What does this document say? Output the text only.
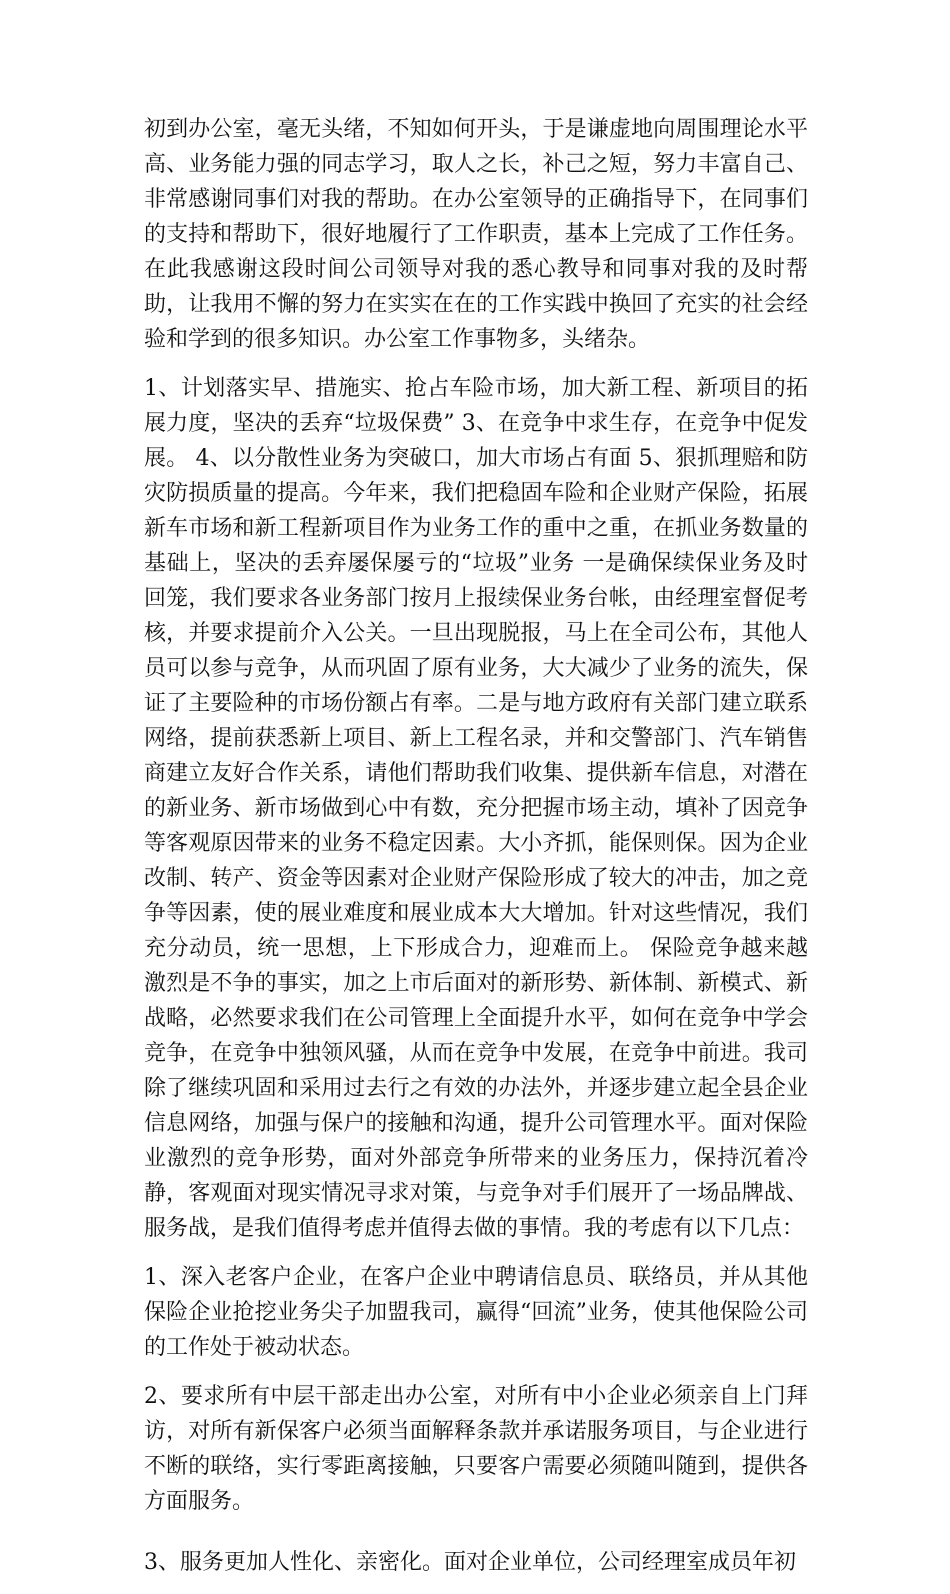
初到办公室，毫无头绪，不知如何开头，于是谦虚地向周围理论水平高、业务能力强的同志学习，取人之长，补己之短，努力丰富自己、非常感谢同事们对我的帮助。在办公室领导的正确指导下，在同事们的支持和帮助下，很好地履行了工作职责，基本上完成了工作任务。在此我感谢这段时间公司领导对我的悉心教导和同事对我的及时帮助，让我用不懈的努力在实实在在的工作实践中换回了充实的社会经验和学到的很多知识。办公室工作事物多，头绪杂。

1、计划落实早、措施实、抢占车险市场，加大新工程、新项目的拓展力度，坚决的丢弃“垃圾保费” 3、在竞争中求生存，在竞争中促发展。 4、以分散性业务为突破口，加大市场占有面 5、狠抓理赔和防灾防损质量的提高。今年来，我们把稳固车险和企业财产保险，拓展新车市场和新工程新项目作为业务工作的重中之重，在抓业务数量的基础上，坚决的丢弃屡保屡亏的“垃圾”业务 一是确保续保业务及时回笼，我们要求各业务部门按月上报续保业务台帐，由经理室督促考核，并要求提前介入公关。一旦出现脱报，马上在全司公布，其他人员可以参与竞争，从而巩固了原有业务，大大减少了业务的流失，保证了主要险种的市场份额占有率。二是与地方政府有关部门建立联系网络，提前获悉新上项目、新上工程名录，并和交警部门、汽车销售商建立友好合作关系，请他们帮助我们收集、提供新车信息，对潜在的新业务、新市场做到心中有数，充分把握市场主动，填补了因竞争等客观原因带来的业务不稳定因素。大小齐抓，能保则保。因为企业改制、转产、资金等因素对企业财产保险形成了较大的冲击，加之竞争等因素，使的展业难度和展业成本大大增加。针对这些情况，我们充分动员，统一思想，上下形成合力，迎难而上。 保险竞争越来越激烈是不争的事实，加之上市后面对的新形势、新体制、新模式、新战略，必然要求我们在公司管理上全面提升水平，如何在竞争中学会竞争，在竞争中独领风骚，从而在竞争中发展，在竞争中前进。我司除了继续巩固和采用过去行之有效的办法外，并逐步建立起全县企业信息网络，加强与保户的接触和沟通，提升公司管理水平。面对保险业激烈的竞争形势，面对外部竞争所带来的业务压力，保持沉着冷静，客观面对现实情况寻求对策，与竞争对手们展开了一场品牌战、服务战，是我们值得考虑并值得去做的事情。我的考虑有以下几点：

1、深入老客户企业，在客户企业中聘请信息员、联络员，并从其他保险企业抢挖业务尖子加盟我司，赢得“回流”业务，使其他保险公司的工作处于被动状态。

2、要求所有中层干部走出办公室，对所有中小企业必须亲自上门拜访，对所有新保客户必须当面解释条款并承诺服务项目，与企业进行不断的联络，实行零距离接触，只要客户需要必须随叫随到，提供各方面服务。

3、服务更加人性化、亲密化。面对企业单位，公司经理室成员年初
